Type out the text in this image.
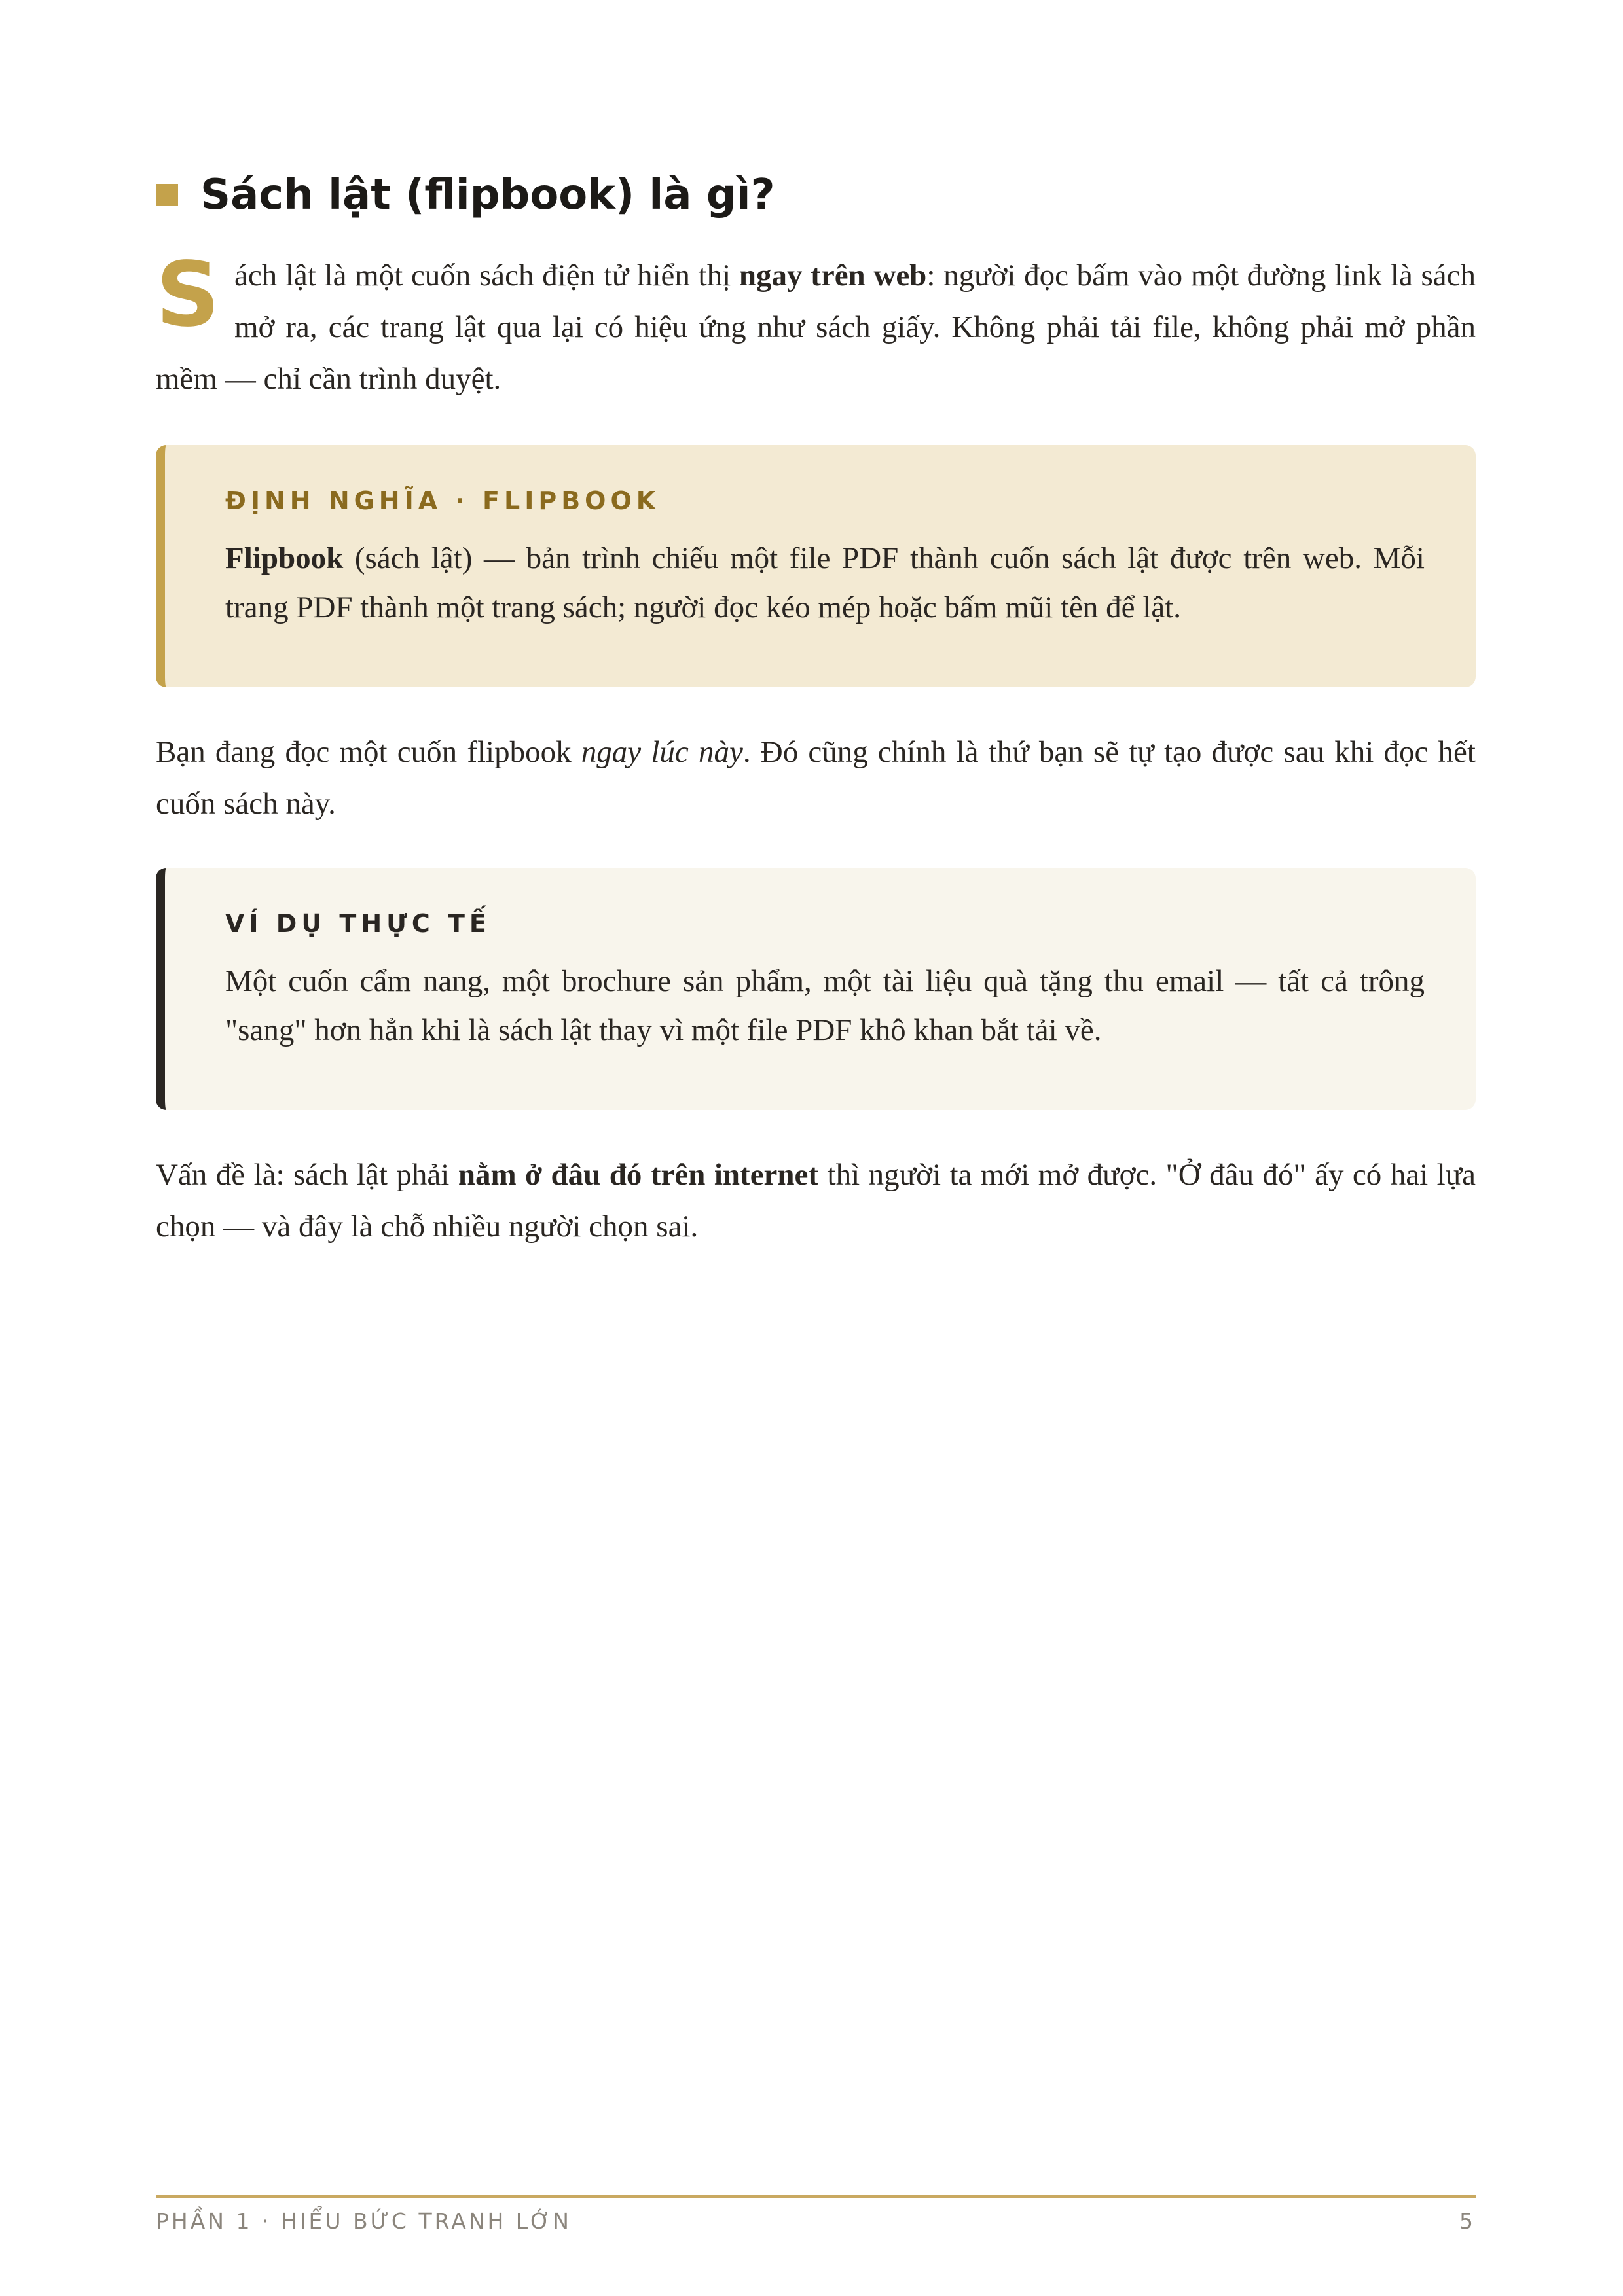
Sách lật (flipbook) là gì?

Sách lật là một cuốn sách điện tử hiển thị ngay trên web: người đọc bấm vào một đường link là sách mở ra, các trang lật qua lại có hiệu ứng như sách giấy. Không phải tải file, không phải mở phần mềm — chỉ cần trình duyệt.

ĐỊNH NGHĨA · FLIPBOOK

Flipbook (sách lật) — bản trình chiếu một file PDF thành cuốn sách lật được trên web. Mỗi trang PDF thành một trang sách; người đọc kéo mép hoặc bấm mũi tên để lật.

Bạn đang đọc một cuốn flipbook ngay lúc này. Đó cũng chính là thứ bạn sẽ tự tạo được sau khi đọc hết cuốn sách này.

VÍ DỤ THỰC TẾ

Một cuốn cẩm nang, một brochure sản phẩm, một tài liệu quà tặng thu email — tất cả trông "sang" hơn hẳn khi là sách lật thay vì một file PDF khô khan bắt tải về.

Vấn đề là: sách lật phải nằm ở đâu đó trên internet thì người ta mới mở được. "Ở đâu đó" ấy có hai lựa chọn — và đây là chỗ nhiều người chọn sai.

PHẦN 1 · HIỂU BỨC TRANH LỚN	5
